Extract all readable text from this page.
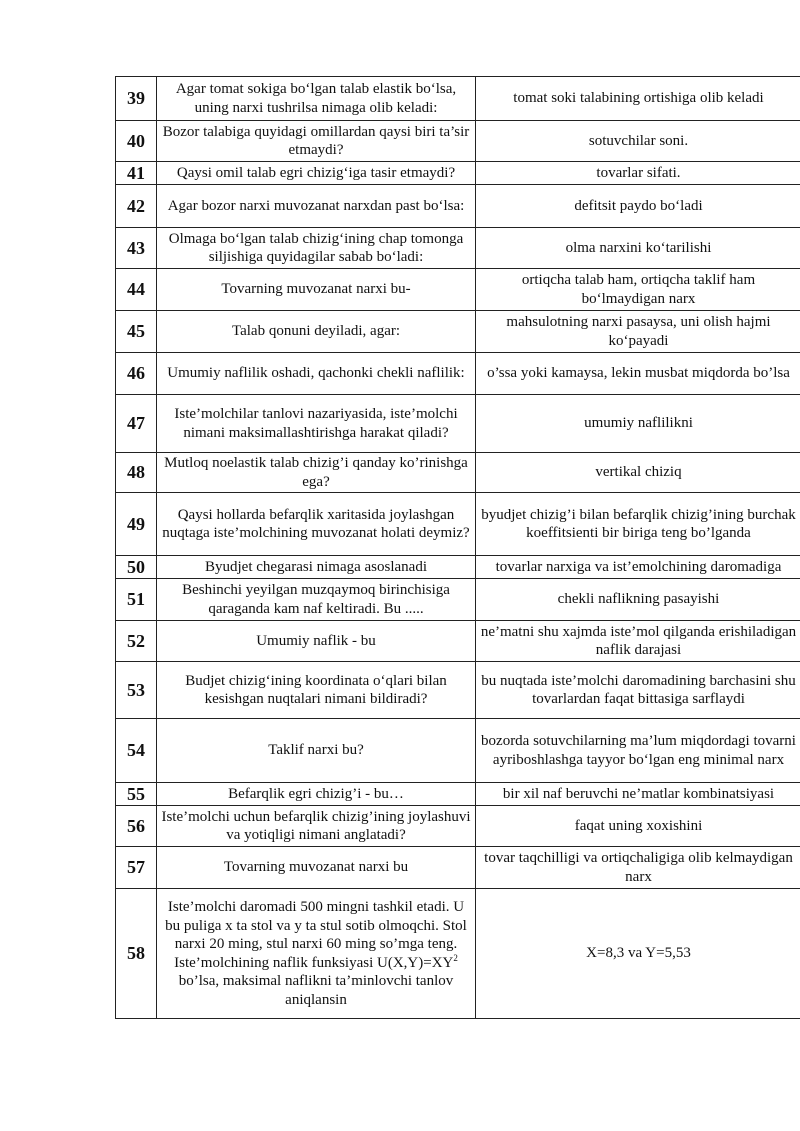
39	Agar tomat sokiga bo‘lgan talab elastik bo‘lsa, uning narxi tushrilsa nimaga olib keladi:	tomat soki talabining ortishiga olib keladi
40	Bozor talabiga quyidagi omillardan qaysi biri ta’sir etmaydi?	sotuvchilar soni.
41	Qaysi omil talab egri chizig‘iga tasir etmaydi?	tovarlar sifati.
42	Agar bozor narxi muvozanat narxdan past bo‘lsa:	defitsit paydo bo‘ladi
43	Olmaga bo‘lgan talab chizig‘ining chap tomonga siljishiga quyidagilar sabab bo‘ladi:	olma narxini ko‘tarilishi
44	Tovarning muvozanat narxi bu-	ortiqcha talab ham, ortiqcha taklif ham bo‘lmaydigan narx
45	Talab qonuni deyiladi, agar:	mahsulotning narxi pasaysa, uni olish hajmi ko‘payadi
46	Umumiy naflilik oshadi, qachonki chekli naflilik:	o’ssa yoki kamaysa, lekin musbat miqdorda bo’lsa
47	Iste’molchilar tanlovi nazariyasida, iste’molchi nimani maksimallashtirishga harakat qiladi?	umumiy naflilikni
48	Mutloq noelastik talab chizig’i qanday ko’rinishga ega?	vertikal chiziq
49	Qaysi hollarda befarqlik xaritasida joylashgan nuqtaga iste’molchining muvozanat holati deymiz?	byudjet chizig’i bilan befarqlik chizig’ining burchak koeffitsienti bir biriga teng bo’lganda
50	Byudjet chegarasi nimaga asoslanadi	tovarlar narxiga va ist’emolchining daromadiga
51	Beshinchi yeyilgan muzqaymoq birinchisiga qaraganda kam naf keltiradi. Bu .....	chekli naflikning pasayishi
52	Umumiy naflik - bu	ne’matni shu xajmda iste’mol qilganda erishiladigan naflik darajasi
53	Budjet chizig‘ining koordinata o‘qlari bilan kesishgan nuqtalari nimani bildiradi?	bu nuqtada iste’molchi daromadining barchasini shu tovarlardan faqat bittasiga sarflaydi
54	Taklif narxi bu?	bozorda sotuvchilarning ma’lum miqdordagi tovarni ayriboshlashga tayyor bo‘lgan eng minimal narx
55	Befarqlik egri chizig’i - bu…	bir xil naf beruvchi ne’matlar kombinatsiyasi
56	Iste’molchi uchun befarqlik chizig’ining joylashuvi va yotiqligi nimani anglatadi?	faqat uning xoxishini
57	Tovarning muvozanat narxi bu	tovar taqchilligi va ortiqchaligiga olib kelmaydigan narx
58	Iste’molchi daromadi 500 mingni tashkil etadi. U bu puliga x ta stol va y ta stul sotib olmoqchi. Stol narxi 20 ming, stul narxi 60 ming so’mga teng. Iste’molchining naflik funksiyasi $U(X,Y)=XY^2$ bo’lsa, maksimal naflikni ta’minlovchi tanlov aniqlansin	X=8,3 va Y=5,53
